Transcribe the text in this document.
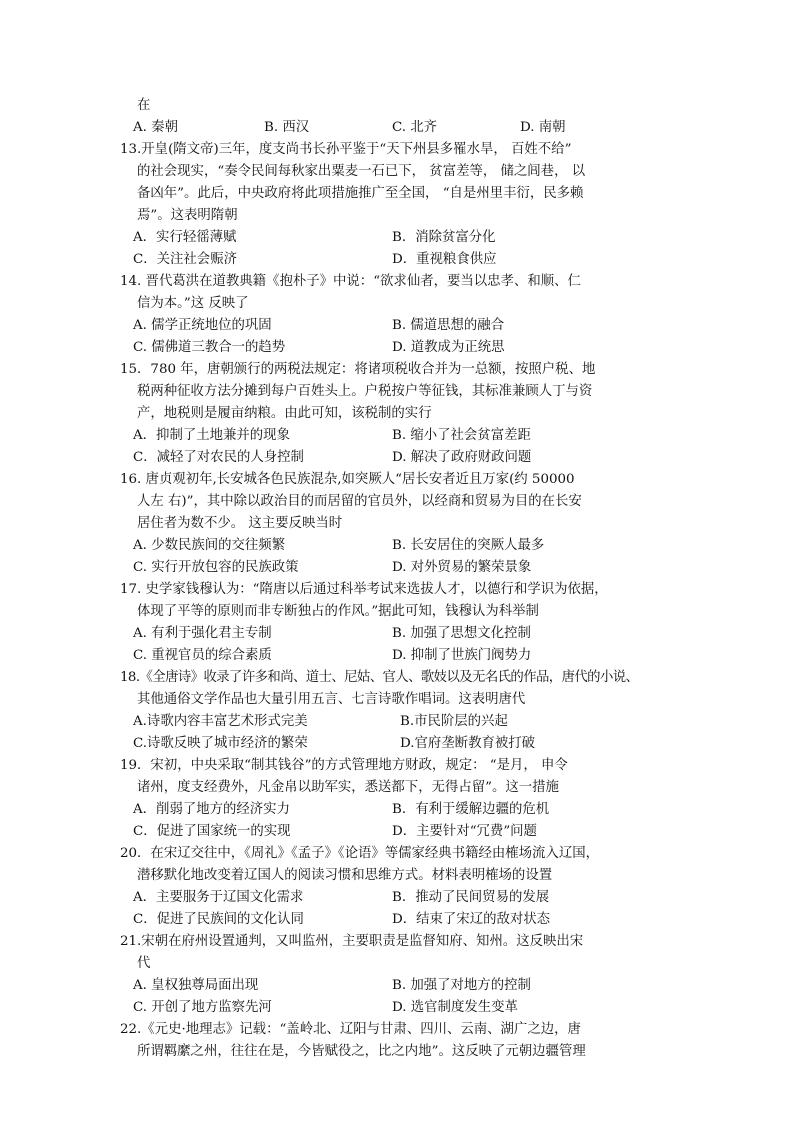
在
A. 秦朝	B. 西汉	C. 北齐	D. 南朝
13.开皇(隋文帝)三年，度支尚书长孙平鉴于“天下州县多罹水旱， 百姓不给”
的社会现实，“奏令民间每秋家出粟麦一石已下， 贫富差等， 储之闾巷， 以
备凶年”。此后，中央政府将此项措施推广至全国， “自是州里丰衍，民多赖
焉”。这表明隋朝
A．实行轻徭薄赋	B．消除贫富分化
C．关注社会赈济	D．重视粮食供应
14. 晋代葛洪在道教典籍《抱朴子》中说：“欲求仙者，要当以忠孝、和顺、仁
信为本。”这 反映了
A. 儒学正统地位的巩固	B. 儒道思想的融合
C. 儒佛道三教合一的趋势	D. 道教成为正统思
15．780 年，唐朝颁行的两税法规定：将诸项税收合并为一总额，按照户税、地
税两种征收方法分摊到每户百姓头上。户税按户等征钱，其标准兼顾人丁与资
产，地税则是履亩纳粮。由此可知，该税制的实行
A．抑制了土地兼并的现象	B. 缩小了社会贫富差距
C．减轻了对农民的人身控制	D. 解决了政府财政问题
16. 唐贞观初年,长安城各色民族混杂,如突厥人“居长安者近且万家(约 50000
人左 右)”，其中除以政治目的而居留的官员外，以经商和贸易为目的在长安
居住者为数不少。 这主要反映当时
A. 少数民族间的交往频繁	B. 长安居住的突厥人最多
C. 实行开放包容的民族政策	D. 对外贸易的繁荣景象
17. 史学家钱穆认为：“隋唐以后通过科举考试来选拔人才，以德行和学识为依据，
体现了平等的原则而非专断独占的作风。”据此可知，钱穆认为科举制
A. 有利于强化君主专制	B. 加强了思想文化控制
C. 重视官员的综合素质	D. 抑制了世族门阀势力
18.《全唐诗》收录了许多和尚、道士、尼姑、官人、歌妓以及无名氏的作品，唐代的小说、
其他通俗文学作品也大量引用五言、七言诗歌作唱词。这表明唐代
A.诗歌内容丰富艺术形式完美	B.市民阶层的兴起
C.诗歌反映了城市经济的繁荣	D.官府垄断教育被打破
19．宋初，中央采取“制其钱谷”的方式管理地方财政，规定： “是月， 申令
诸州，度支经费外，凡金帛以助军实，悉送都下，无得占留”。这一措施
A．削弱了地方的经济实力	B．有利于缓解边疆的危机
C．促进了国家统一的实现	D．主要针对“冗费”问题
20．在宋辽交往中，《周礼》《孟子》《论语》等儒家经典书籍经由榷场流入辽国，
潜移默化地改变着辽国人的阅读习惯和思维方式。材料表明榷场的设置
A．主要服务于辽国文化需求	B．推动了民间贸易的发展
C．促进了民族间的文化认同	D．结束了宋辽的敌对状态
21.宋朝在府州设置通判，又叫监州，主要职责是监督知府、知州。这反映出宋
代
A. 皇权独尊局面出现	B. 加强了对地方的控制
C. 开创了地方监察先河	D. 选官制度发生变革
22.《元史·地理志》记载：“盖岭北、辽阳与甘肃、四川、云南、湖广之边，唐
所谓羁縻之州，往往在是，今皆赋役之，比之内地”。这反映了元朝边疆管理
